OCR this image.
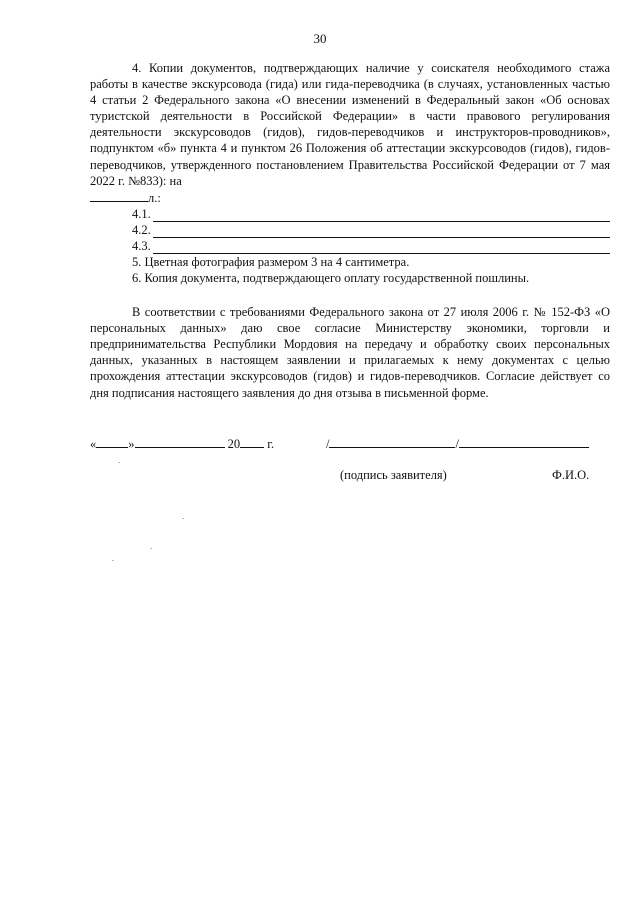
30

4. Копии документов, подтверждающих наличие у соискателя необходимого стажа работы в качестве экскурсовода (гида) или гида-переводчика (в случаях, установленных частью 4 статьи 2 Федерального закона «О внесении изменений в Федеральный закон «Об основах туристской деятельности в Российской Федерации» в части правового регулирования деятельности экскурсоводов (гидов), гидов-переводчиков и инструкторов-проводников», подпунктом «б» пункта 4 и пунктом 26 Положения об аттестации экскурсоводов (гидов), гидов-переводчиков, утвержденного постановлением Правительства Российской Федерации от 7 мая 2022 г. №833): на
л.:

4.1.
4.2.
4.3.

5. Цветная фотография размером 3 на 4 сантиметра.

6. Копия документа, подтверждающего оплату государственной пошлины.

В соответствии с требованиями Федерального закона от 27 июля 2006 г. № 152-ФЗ «О персональных данных» даю свое согласие Министерству экономики, торговли и предпринимательства Республики Мордовия на передачу и обработку своих персональных данных, указанных в настоящем заявлении и прилагаемых к нему документах с целью прохождения аттестации экскурсоводов (гидов) и гидов-переводчиков. Согласие действует со дня подписания настоящего заявления до дня отзыва в письменной форме.

«	»	20 г.	/	/
(подпись заявителя)	Ф.И.О.
